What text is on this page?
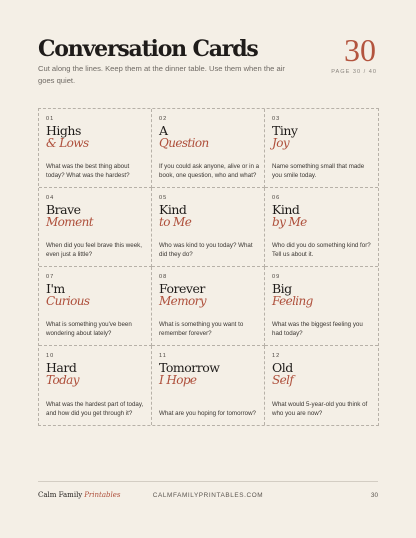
Conversation Cards

Cut along the lines. Keep them at the dinner table. Use them when the air goes quiet.

30
PAGE 30 / 40
01
Highs
& Lows

What was the best thing about today? What was the hardest?

02
A
Question

If you could ask anyone, alive or in a book, one question, who and what?

03
Tiny
Joy

Name something small that made you smile today.

04
Brave
Moment

When did you feel brave this week, even just a little?

05
Kind
to Me

Who was kind to you today? What did they do?

06
Kind
by Me

Who did you do something kind for? Tell us about it.

07
I'm
Curious

What is something you've been wondering about lately?

08
Forever
Memory

What is something you want to remember forever?

09
Big
Feeling

What was the biggest feeling you had today?

10
Hard
Today

What was the hardest part of today, and how did you get through it?

11
Tomorrow
I Hope

What are you hoping for tomorrow?

12
Old
Self

What would 5-year-old you think of who you are now?

Calm Family Printables	CALMFAMILYPRINTABLES.COM	30
